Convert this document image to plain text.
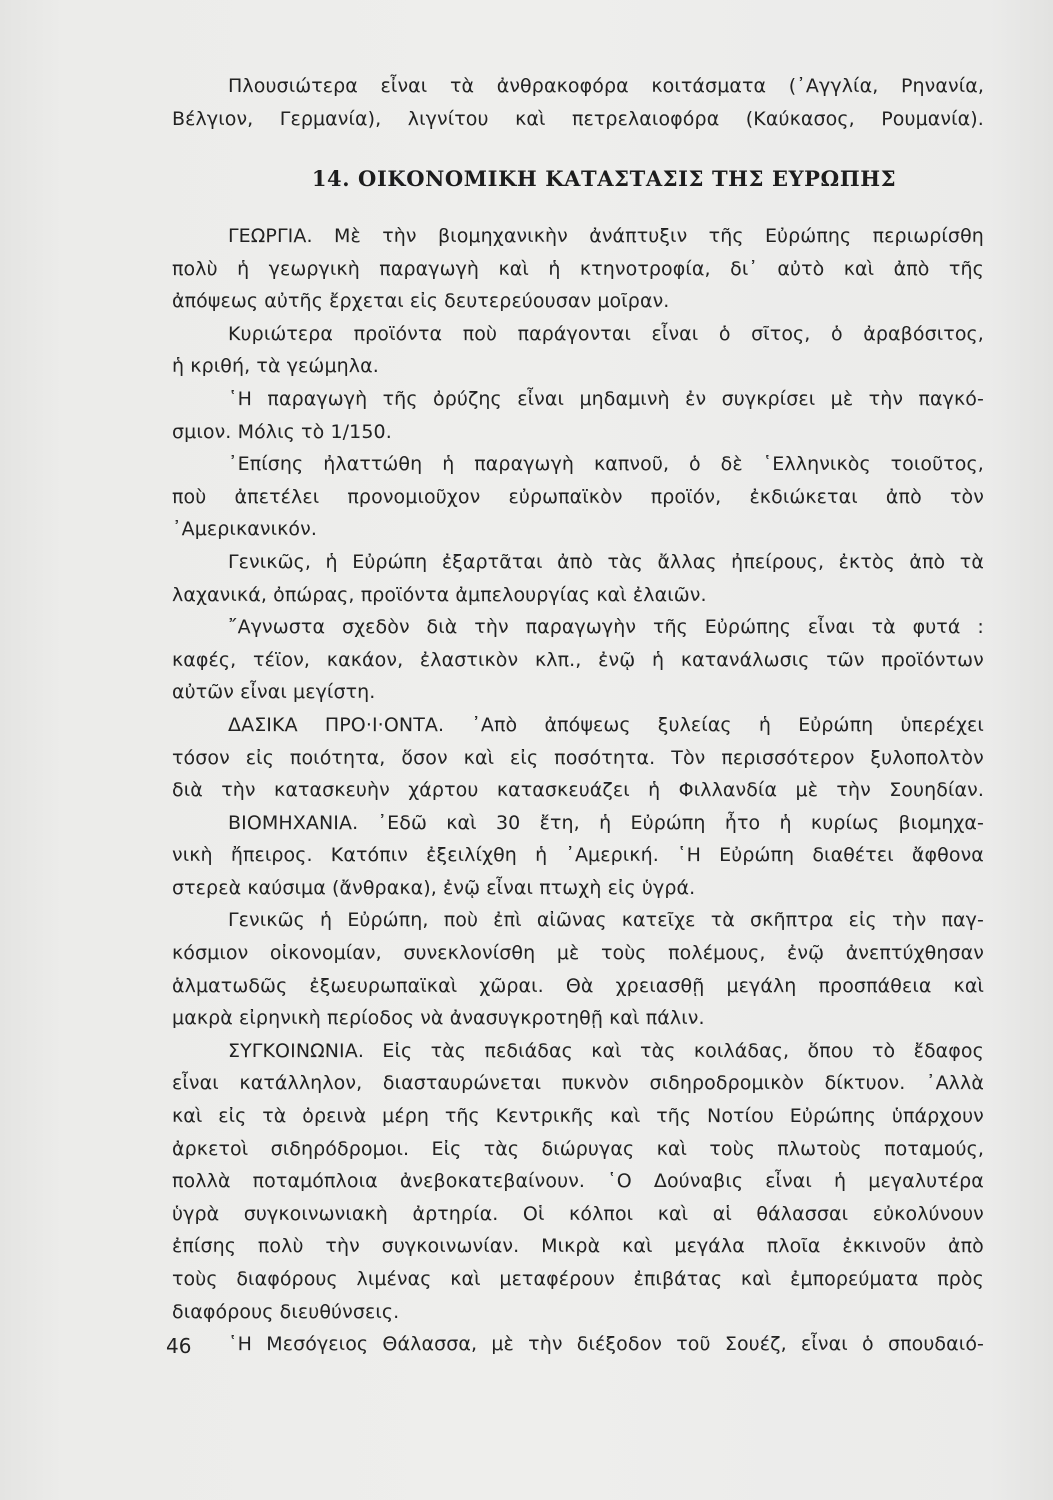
Πλουσιώτερα εἶναι τὰ ἀνθρακοφόρα κοιτάσματα (᾿Αγγλία, Ρηνανία,
Βέλγιον, Γερμανία), λιγνίτου καὶ πετρελαιοφόρα (Καύκασος, Ρουμανία).
14. ΟΙΚΟΝΟΜΙΚΗ ΚΑΤΑΣΤΑΣΙΣ ΤΗΣ ΕΥΡΩΠΗΣ
ΓΕΩΡΓΙΑ. Μὲ τὴν βιομηχανικὴν ἀνάπτυξιν τῆς Εὐρώπης περιωρίσθη
πολὺ ἡ γεωργικὴ παραγωγὴ καὶ ἡ κτηνοτροφία, δι᾿ αὐτὸ καὶ ἀπὸ τῆς
ἀπόψεως αὐτῆς ἔρχεται εἰς δευτερεύουσαν μοῖραν.
Κυριώτερα προϊόντα ποὺ παράγονται εἶναι ὁ σῖτος, ὁ ἀραβόσιτος,
ἡ κριθή, τὰ γεώμηλα.
῾Η παραγωγὴ τῆς ὀρύζης εἶναι μηδαμινὴ ἐν συγκρίσει μὲ τὴν παγκό-
σμιον. Μόλις τὸ 1/150.
᾿Επίσης ἠλαττώθη ἡ παραγωγὴ καπνοῦ, ὁ δὲ ῾Ελληνικὸς τοιοῦτος,
ποὺ ἀπετέλει προνομιοῦχον εὐρωπαϊκὸν προϊόν, ἐκδιώκεται ἀπὸ τὸν
᾿Αμερικανικόν.
Γενικῶς, ἡ Εὐρώπη ἐξαρτᾶται ἀπὸ τὰς ἄλλας ἠπείρους, ἐκτὸς ἀπὸ τὰ
λαχανικά, ὀπώρας, προϊόντα ἀμπελουργίας καὶ ἐλαιῶν.
῎Αγνωστα σχεδὸν διὰ τὴν παραγωγὴν τῆς Εὐρώπης εἶναι τὰ φυτά :
καφές, τέϊον, κακάον, ἐλαστικὸν κλπ., ἐνῷ ἡ κατανάλωσις τῶν προϊόντων
αὐτῶν εἶναι μεγίστη.
ΔΑΣΙΚΑ ΠΡΟ·Ι·ΟΝΤΑ. ᾿Απὸ ἀπόψεως ξυλείας ἡ Εὐρώπη ὑπερέχει
τόσον εἰς ποιότητα, ὅσον καὶ εἰς ποσότητα. Τὸν περισσότερον ξυλοπολτὸν
διὰ τὴν κατασκευὴν χάρτου κατασκευάζει ἡ Φιλλανδία μὲ τὴν Σουηδίαν.
ΒΙΟΜΗΧΑΝΙΑ. ᾿Εδῶ καὶ 30 ἔτη, ἡ Εὐρώπη ἦτο ἡ κυρίως βιομηχα-
νικὴ ἤπειρος. Κατόπιν ἐξειλίχθη ἡ ᾿Αμερική. ῾Η Εὐρώπη διαθέτει ἄφθονα
στερεὰ καύσιμα (ἄνθρακα), ἐνῷ εἶναι πτωχὴ εἰς ὑγρά.
Γενικῶς ἡ Εὐρώπη, ποὺ ἐπὶ αἰῶνας κατεῖχε τὰ σκῆπτρα εἰς τὴν παγ-
κόσμιον οἰκονομίαν, συνεκλονίσθη μὲ τοὺς πολέμους, ἐνῷ ἀνεπτύχθησαν
ἁλματωδῶς ἐξωευρωπαϊκαὶ χῶραι. Θὰ χρειασθῇ μεγάλη προσπάθεια καὶ
μακρὰ εἰρηνικὴ περίοδος νὰ ἀνασυγκροτηθῇ καὶ πάλιν.
ΣΥΓΚΟΙΝΩΝΙΑ. Εἰς τὰς πεδιάδας καὶ τὰς κοιλάδας, ὅπου τὸ ἔδαφος
εἶναι κατάλληλον, διασταυρώνεται πυκνὸν σιδηροδρομικὸν δίκτυον. ᾿Αλλὰ
καὶ εἰς τὰ ὀρεινὰ μέρη τῆς Κεντρικῆς καὶ τῆς Νοτίου Εὐρώπης ὑπάρχουν
ἀρκετοὶ σιδηρόδρομοι. Εἰς τὰς διώρυγας καὶ τοὺς πλωτοὺς ποταμούς,
πολλὰ ποταμόπλοια ἀνεβοκατεβαίνουν. ῾Ο Δούναβις εἶναι ἡ μεγαλυτέρα
ὑγρὰ συγκοινωνιακὴ ἀρτηρία. Οἱ κόλποι καὶ αἱ θάλασσαι εὐκολύνουν
ἐπίσης πολὺ τὴν συγκοινωνίαν. Μικρὰ καὶ μεγάλα πλοῖα ἐκκινοῦν ἀπὸ
τοὺς διαφόρους λιμένας καὶ μεταφέρουν ἐπιβάτας καὶ ἐμπορεύματα πρὸς
διαφόρους διευθύνσεις.
῾Η Μεσόγειος Θάλασσα, μὲ τὴν διέξοδον τοῦ Σουέζ, εἶναι ὁ σπουδαιό-
46
